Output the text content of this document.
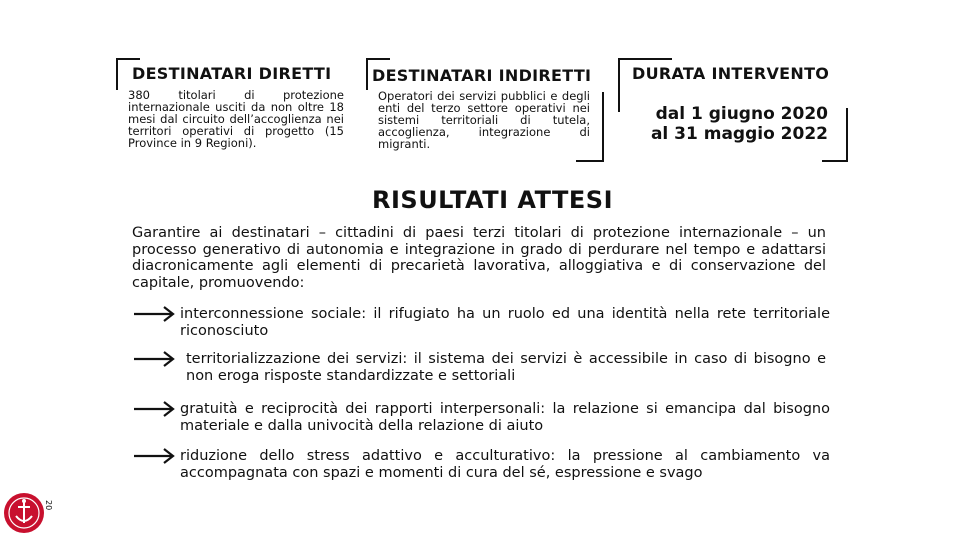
DESTINATARI DIRETTI
380 titolari di protezione internazionale usciti da non oltre 18 mesi dal circuito dell’accoglienza nei territori operativi di progetto (15 Province in 9 Regioni).
DESTINATARI INDIRETTI
Operatori dei servizi pubblici e degli enti del terzo settore operativi nei sistemi territoriali di tutela, accoglienza, integrazione di migranti.
DURATA INTERVENTO
dal 1 giugno 2020
al 31 maggio 2022
RISULTATI ATTESI
Garantire ai destinatari – cittadini di paesi terzi titolari di protezione internazionale – un processo generativo di autonomia e integrazione in grado di perdurare nel tempo e adattarsi diacronicamente agli elementi di precarietà lavorativa, alloggiativa e di conservazione del capitale, promuovendo:
interconnessione sociale: il rifugiato ha un ruolo ed una identità nella rete territoriale riconosciuto
territorializzazione dei servizi: il sistema dei servizi è accessibile in caso di bisogno e non eroga risposte standardizzate e settoriali
gratuità e reciprocità dei rapporti interpersonali: la relazione si emancipa dal bisogno materiale e dalla univocità della relazione di aiuto
riduzione dello stress adattivo e acculturativo: la pressione al cambiamento va accompagnata con spazi e momenti di cura del sé, espressione e svago
20
